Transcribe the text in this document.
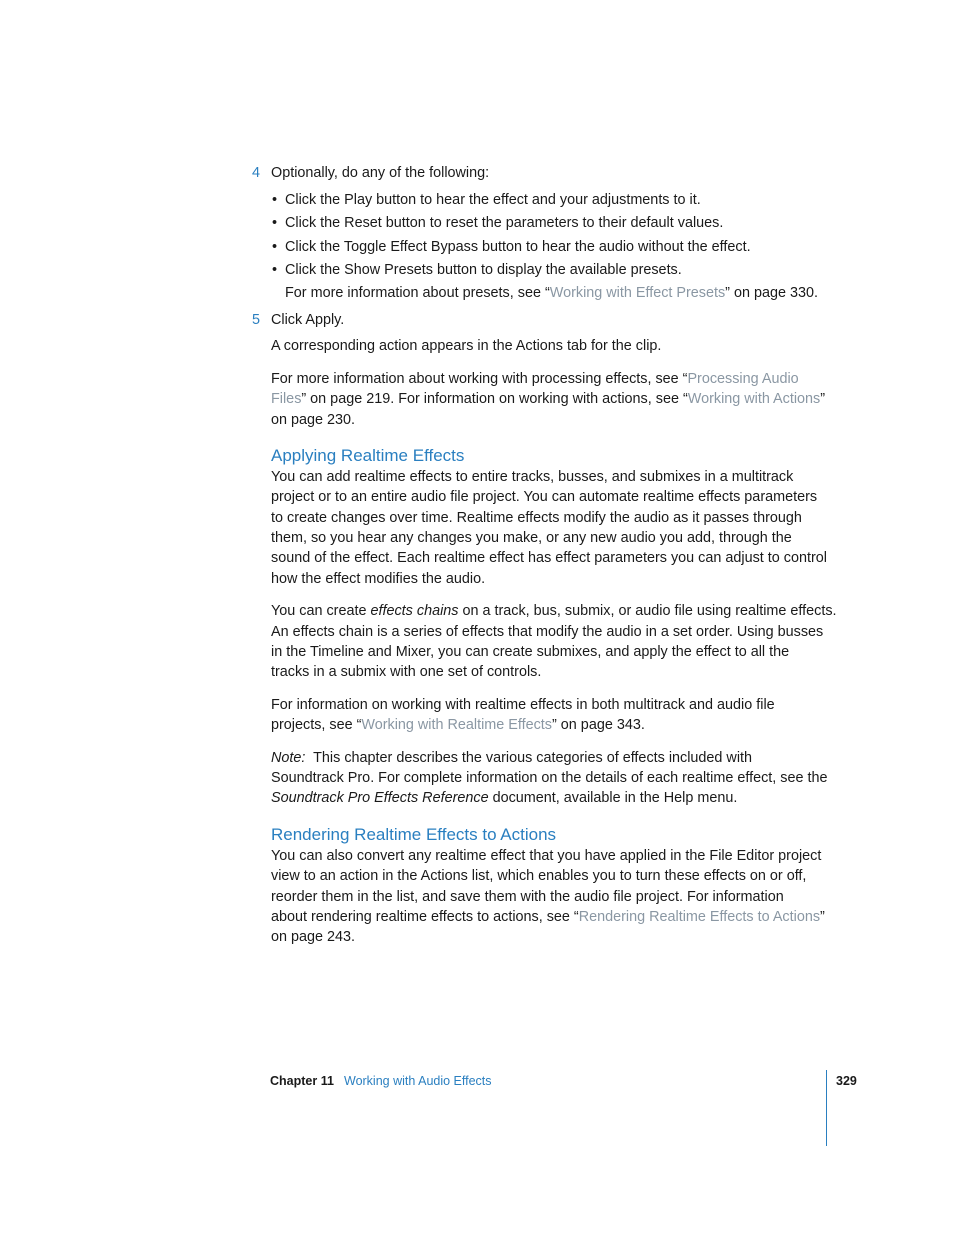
4 Optionally, do any of the following:
• Click the Play button to hear the effect and your adjustments to it.
• Click the Reset button to reset the parameters to their default values.
• Click the Toggle Effect Bypass button to hear the audio without the effect.
• Click the Show Presets button to display the available presets.
For more information about presets, see “Working with Effect Presets” on page 330.
5 Click Apply.
A corresponding action appears in the Actions tab for the clip.
For more information about working with processing effects, see “Processing Audio
Files” on page 219. For information on working with actions, see “Working with Actions”
on page 230.
Applying Realtime Effects
You can add realtime effects to entire tracks, busses, and submixes in a multitrack
project or to an entire audio file project. You can automate realtime effects parameters
to create changes over time. Realtime effects modify the audio as it passes through
them, so you hear any changes you make, or any new audio you add, through the
sound of the effect. Each realtime effect has effect parameters you can adjust to control
how the effect modifies the audio.
You can create effects chains on a track, bus, submix, or audio file using realtime effects.
An effects chain is a series of effects that modify the audio in a set order. Using busses
in the Timeline and Mixer, you can create submixes, and apply the effect to all the
tracks in a submix with one set of controls.
For information on working with realtime effects in both multitrack and audio file
projects, see “Working with Realtime Effects” on page 343.
Note:  This chapter describes the various categories of effects included with
Soundtrack Pro. For complete information on the details of each realtime effect, see the
Soundtrack Pro Effects Reference document, available in the Help menu.
Rendering Realtime Effects to Actions
You can also convert any realtime effect that you have applied in the File Editor project
view to an action in the Actions list, which enables you to turn these effects on or off,
reorder them in the list, and save them with the audio file project. For information
about rendering realtime effects to actions, see “Rendering Realtime Effects to Actions”
on page 243.
Chapter 11 Working with Audio Effects	329
